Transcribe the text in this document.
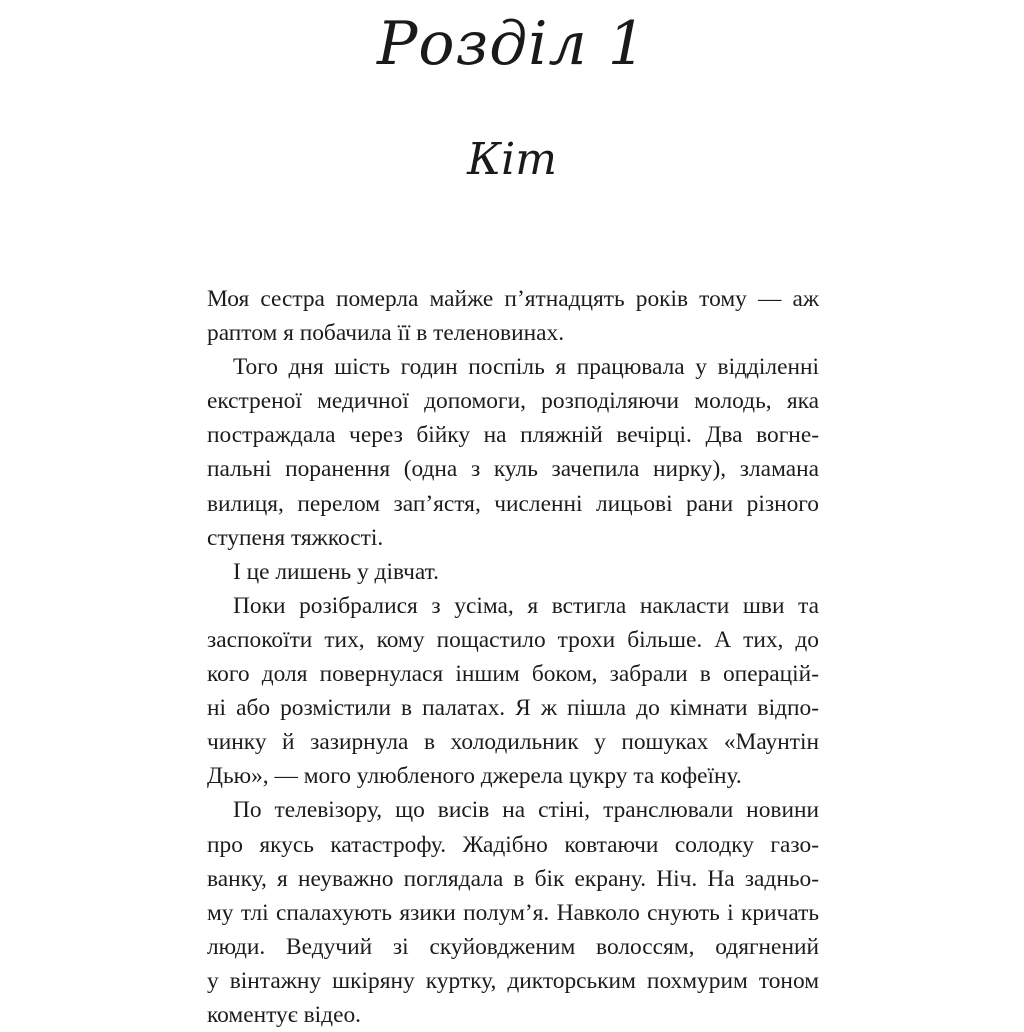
Розділ 1
Кіт
Моя сестра померла майже п’ятнадцять років тому — аж
раптом я побачила її в теленовинах.
Того дня шість годин поспіль я працювала у відділенні
екстреної медичної допомоги, розподіляючи молодь, яка
постраждала через бійку на пляжній вечірці. Два вогне-
пальні поранення (одна з куль зачепила нирку), зламана
вилиця, перелом зап’ястя, численні лицьові рани різного
ступеня тяжкості.
І це лишень у дівчат.
Поки розібралися з усіма, я встигла накласти шви та
заспокоїти тих, кому пощастило трохи більше. А тих, до
кого доля повернулася іншим боком, забрали в операцій-
ні або розмістили в палатах. Я ж пішла до кімнати відпо-
чинку й зазирнула в холодильник у пошуках «Маунтін
Дью», — мого улюбленого джерела цукру та кофеїну.
По телевізору, що висів на стіні, транслювали новини
про якусь катастрофу. Жадібно ковтаючи солодку газо-
ванку, я неуважно поглядала в бік екрану. Ніч. На задньо-
му тлі спалахують язики полум’я. Навколо снують і кричать
люди. Ведучий зі скуйовдженим волоссям, одягнений
у вінтажну шкіряну куртку, дикторським похмурим тоном
коментує відео.
